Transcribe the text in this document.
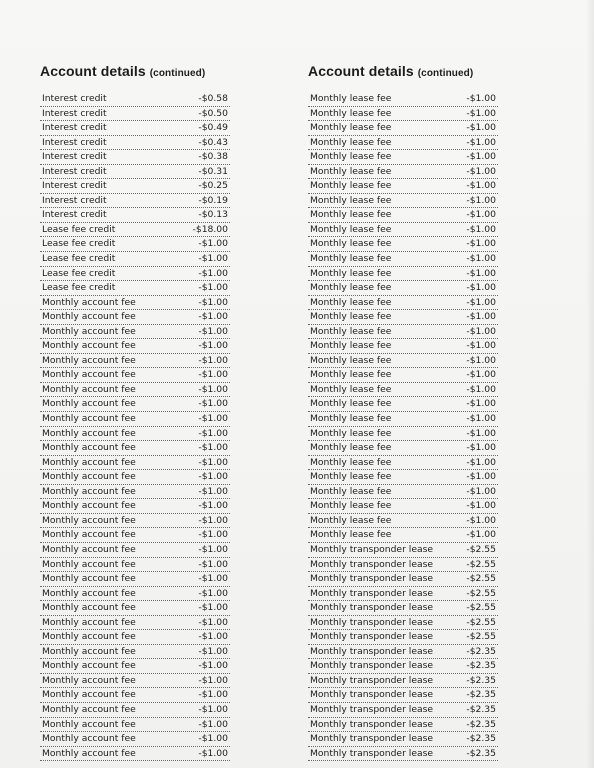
Account details (continued)
Interest credit	-$0.58
Interest credit	-$0.50
Interest credit	-$0.49
Interest credit	-$0.43
Interest credit	-$0.38
Interest credit	-$0.31
Interest credit	-$0.25
Interest credit	-$0.19
Interest credit	-$0.13
Lease fee credit	-$18.00
Lease fee credit	-$1.00
Lease fee credit	-$1.00
Lease fee credit	-$1.00
Lease fee credit	-$1.00
Monthly account fee	-$1.00
Monthly account fee	-$1.00
Monthly account fee	-$1.00
Monthly account fee	-$1.00
Monthly account fee	-$1.00
Monthly account fee	-$1.00
Monthly account fee	-$1.00
Monthly account fee	-$1.00
Monthly account fee	-$1.00
Monthly account fee	-$1.00
Monthly account fee	-$1.00
Monthly account fee	-$1.00
Monthly account fee	-$1.00
Monthly account fee	-$1.00
Monthly account fee	-$1.00
Monthly account fee	-$1.00
Monthly account fee	-$1.00
Monthly account fee	-$1.00
Monthly account fee	-$1.00
Monthly account fee	-$1.00
Monthly account fee	-$1.00
Monthly account fee	-$1.00
Monthly account fee	-$1.00
Monthly account fee	-$1.00
Monthly account fee	-$1.00
Monthly account fee	-$1.00
Monthly account fee	-$1.00
Monthly account fee	-$1.00
Monthly account fee	-$1.00
Monthly account fee	-$1.00
Monthly account fee	-$1.00
Monthly account fee	-$1.00
Account details (continued)
Monthly lease fee	-$1.00
Monthly lease fee	-$1.00
Monthly lease fee	-$1.00
Monthly lease fee	-$1.00
Monthly lease fee	-$1.00
Monthly lease fee	-$1.00
Monthly lease fee	-$1.00
Monthly lease fee	-$1.00
Monthly lease fee	-$1.00
Monthly lease fee	-$1.00
Monthly lease fee	-$1.00
Monthly lease fee	-$1.00
Monthly lease fee	-$1.00
Monthly lease fee	-$1.00
Monthly lease fee	-$1.00
Monthly lease fee	-$1.00
Monthly lease fee	-$1.00
Monthly lease fee	-$1.00
Monthly lease fee	-$1.00
Monthly lease fee	-$1.00
Monthly lease fee	-$1.00
Monthly lease fee	-$1.00
Monthly lease fee	-$1.00
Monthly lease fee	-$1.00
Monthly lease fee	-$1.00
Monthly lease fee	-$1.00
Monthly lease fee	-$1.00
Monthly lease fee	-$1.00
Monthly lease fee	-$1.00
Monthly lease fee	-$1.00
Monthly lease fee	-$1.00
Monthly transponder lease	-$2.55
Monthly transponder lease	-$2.55
Monthly transponder lease	-$2.55
Monthly transponder lease	-$2.55
Monthly transponder lease	-$2.55
Monthly transponder lease	-$2.55
Monthly transponder lease	-$2.55
Monthly transponder lease	-$2.35
Monthly transponder lease	-$2.35
Monthly transponder lease	-$2.35
Monthly transponder lease	-$2.35
Monthly transponder lease	-$2.35
Monthly transponder lease	-$2.35
Monthly transponder lease	-$2.35
Monthly transponder lease	-$2.35
